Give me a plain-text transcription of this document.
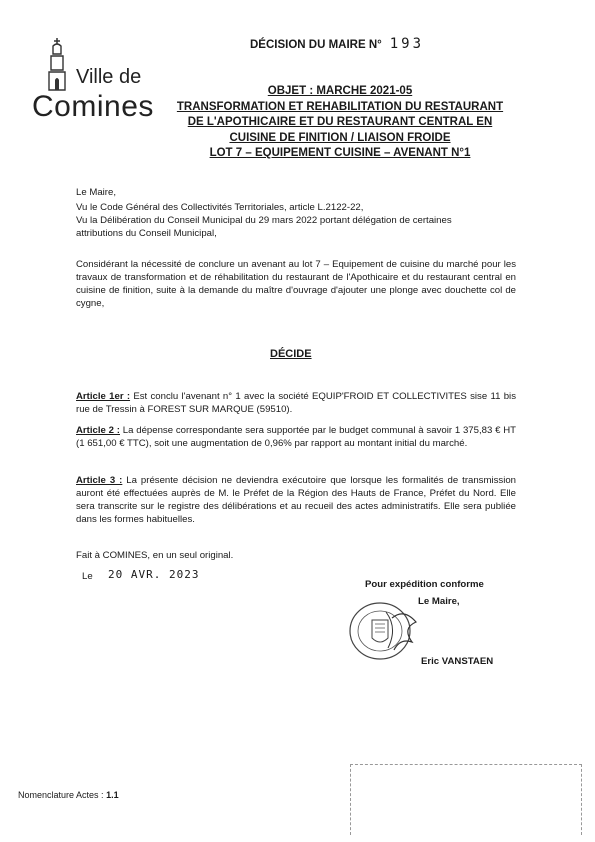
Ville de
Comines
DÉCISION DU MAIRE N° 193
OBJET : MARCHE 2021-05
TRANSFORMATION ET REHABILITATION DU RESTAURANT
DE L'APOTHICAIRE ET DU RESTAURANT CENTRAL EN
CUISINE DE FINITION / LIAISON FROIDE
LOT 7 – EQUIPEMENT CUISINE – AVENANT N°1
Le Maire,
Vu le Code Général des Collectivités Territoriales, article L.2122-22,
Vu la Délibération du Conseil Municipal du 29 mars 2022 portant délégation de certaines attributions du Conseil Municipal,
Considérant la nécessité de conclure un avenant au lot 7 – Equipement de cuisine du marché pour les travaux de transformation et de réhabilitation du restaurant de l'Apothicaire et du restaurant central en cuisine de finition, suite à la demande du maître d'ouvrage d'ajouter une plonge avec douchette col de cygne,
DÉCIDE
Article 1er : Est conclu l'avenant n° 1 avec la société EQUIP'FROID ET COLLECTIVITES sise 11 bis rue de Tressin à FOREST SUR MARQUE (59510).
Article 2 : La dépense correspondante sera supportée par le budget communal à savoir 1 375,83 € HT (1 651,00 € TTC), soit une augmentation de 0,96% par rapport au montant initial du marché.
Article 3 : La présente décision ne deviendra exécutoire que lorsque les formalités de transmission auront été effectuées auprès de M. le Préfet de la Région des Hauts de France, Préfet du Nord. Elle sera transcrite sur le registre des délibérations et au recueil des actes administratifs. Elle sera publiée dans les formes habituelles.
Fait à COMINES, en un seul original.
Le 20 AVR. 2023
Pour expédition conforme
Le Maire,
Eric VANSTAEN
Nomenclature Actes : 1.1
